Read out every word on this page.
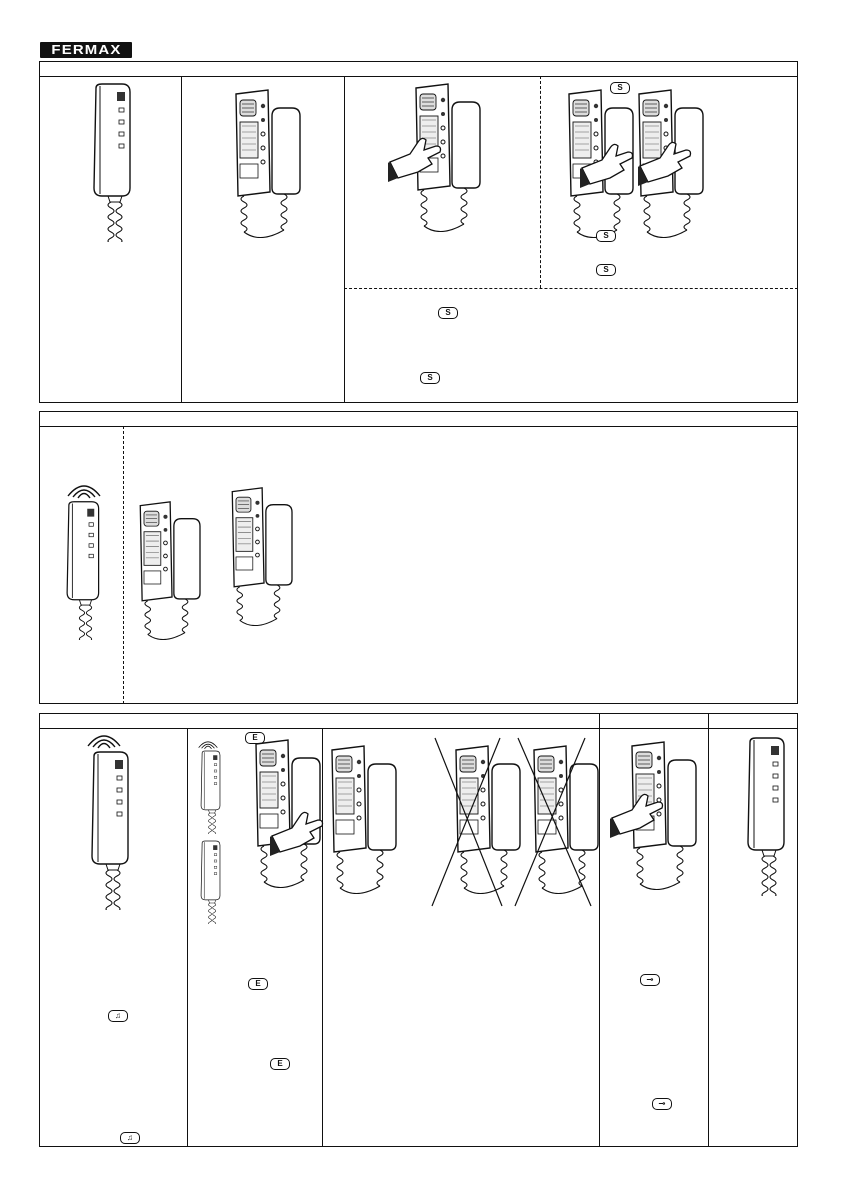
FERMAX
S
S
S
S
S
E
E
E
⊸
⊸
♫
♫
